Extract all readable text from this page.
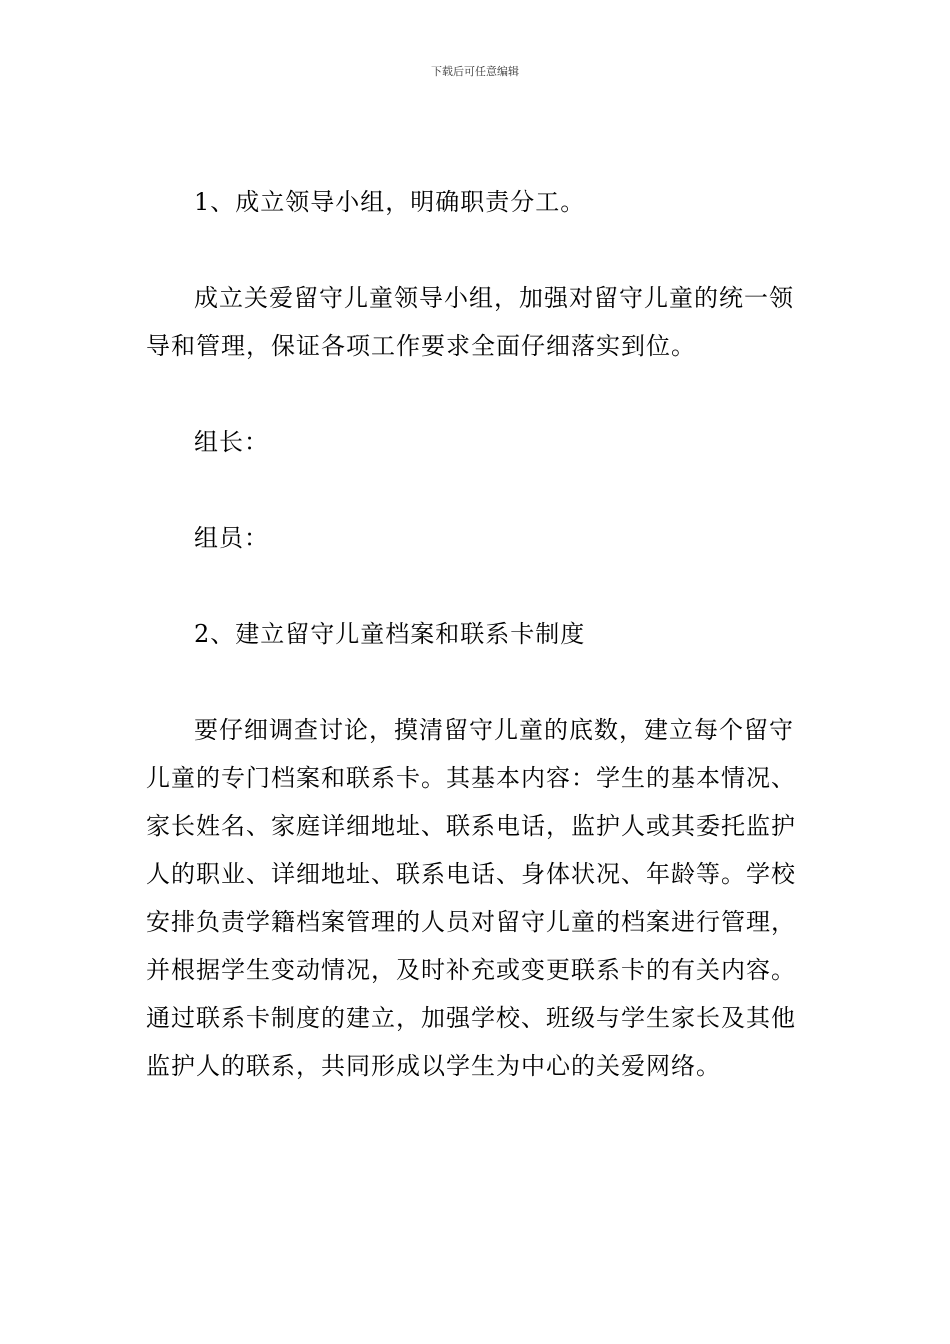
下载后可任意编辑

1、成立领导小组，明确职责分工。

成立关爱留守儿童领导小组，加强对留守儿童的统一领导和管理，保证各项工作要求全面仔细落实到位。

组长：

组员：

2、建立留守儿童档案和联系卡制度

要仔细调查讨论，摸清留守儿童的底数，建立每个留守儿童的专门档案和联系卡。其基本内容：学生的基本情况、家长姓名、家庭详细地址、联系电话，监护人或其委托监护人的职业、详细地址、联系电话、身体状况、年龄等。学校安排负责学籍档案管理的人员对留守儿童的档案进行管理，并根据学生变动情况，及时补充或变更联系卡的有关内容。通过联系卡制度的建立，加强学校、班级与学生家长及其他监护人的联系，共同形成以学生为中心的关爱网络。
